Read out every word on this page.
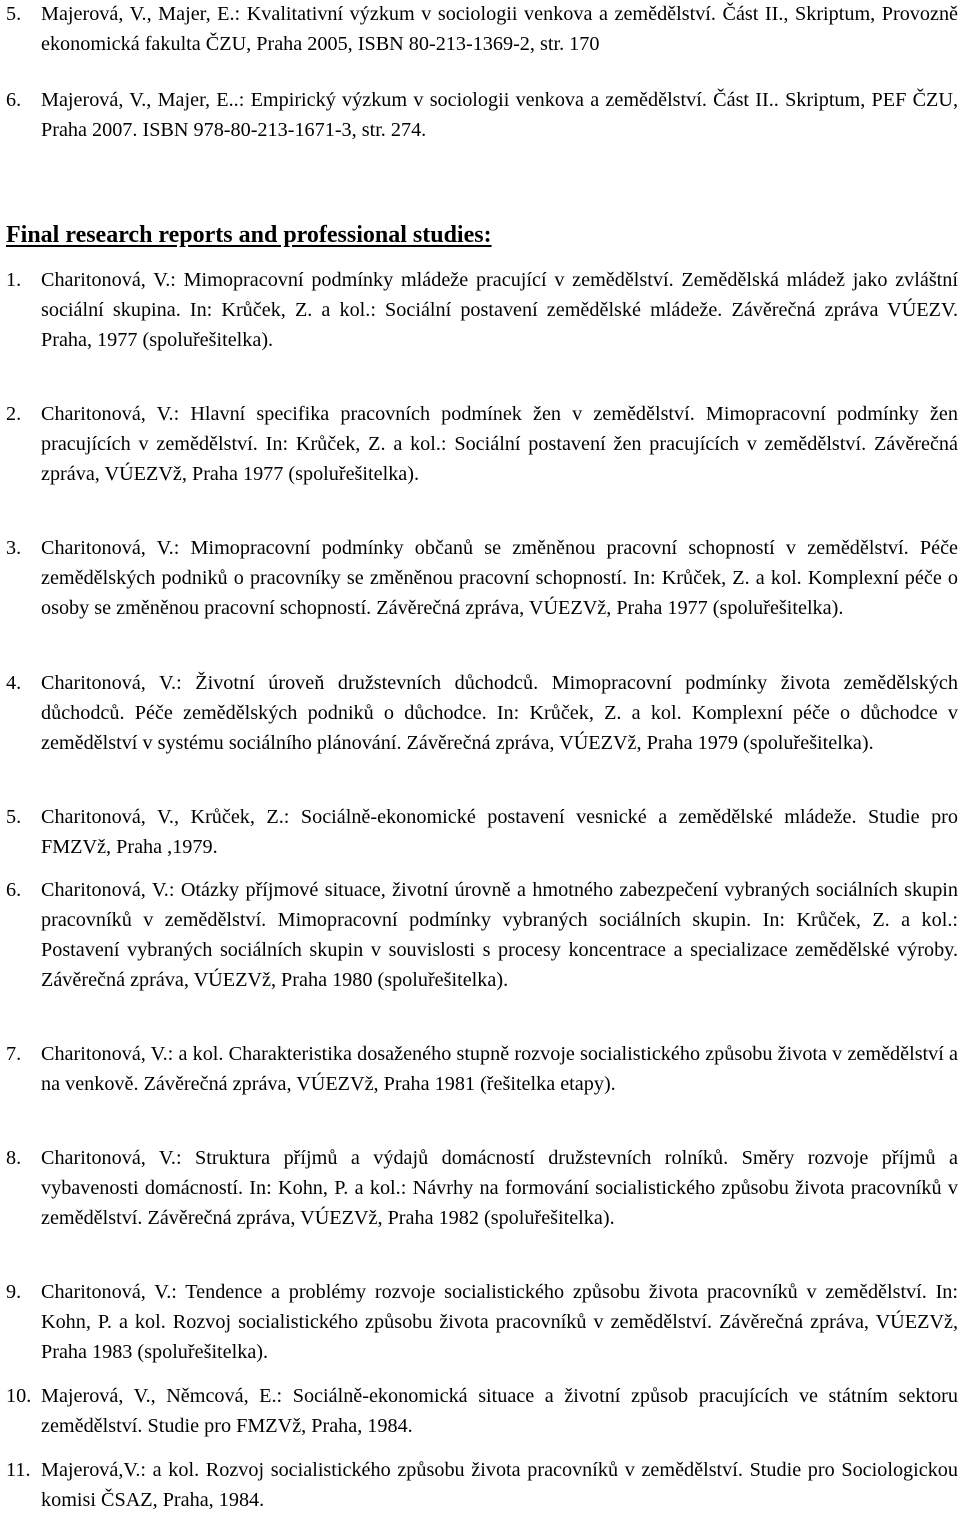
5. Majerová, V., Majer, E.: Kvalitativní výzkum v sociologii venkova a zemědělství. Část II., Skriptum, Provozně ekonomická fakulta ČZU, Praha 2005, ISBN 80-213-1369-2, str. 170
6. Majerová, V., Majer, E..: Empirický výzkum v sociologii venkova a zemědělství. Část II.. Skriptum, PEF ČZU, Praha 2007. ISBN 978-80-213-1671-3, str. 274.
Final research reports and professional studies:
1. Charitonová, V.: Mimopracovní podmínky mládeže pracující v zemědělství. Zemědělská mládež jako zvláštní sociální skupina. In: Krůček, Z. a kol.: Sociální postavení zemědělské mládeže. Závěrečná zpráva VÚEZV. Praha, 1977 (spoluřešitelka).
2. Charitonová, V.: Hlavní specifika pracovních podmínek žen v zemědělství. Mimopracovní podmínky žen pracujících v zemědělství. In: Krůček, Z. a kol.: Sociální postavení žen pracujících v zemědělství. Závěrečná zpráva, VÚEZVž, Praha 1977 (spoluřešitelka).
3. Charitonová, V.: Mimopracovní podmínky občanů se změněnou pracovní schopností v zemědělství. Péče zemědělských podniků o pracovníky se změněnou pracovní schopností. In: Krůček, Z. a kol. Komplexní péče o osoby se změněnou pracovní schopností. Závěrečná zpráva, VÚEZVž, Praha 1977 (spoluřešitelka).
4. Charitonová, V.: Životní úroveň družstevních důchodců. Mimopracovní podmínky života zemědělských důchodců. Péče zemědělských podniků o důchodce. In: Krůček, Z. a kol. Komplexní péče o důchodce v zemědělství v systému sociálního plánování. Závěrečná zpráva, VÚEZVž, Praha 1979 (spoluřešitelka).
5. Charitonová, V., Krůček, Z.: Sociálně-ekonomické postavení vesnické a zemědělské mládeže. Studie pro FMZVž, Praha ,1979.
6. Charitonová, V.: Otázky příjmové situace, životní úrovně a hmotného zabezpečení vybraných sociálních skupin pracovníků v zemědělství. Mimopracovní podmínky vybraných sociálních skupin. In: Krůček, Z. a kol.: Postavení vybraných sociálních skupin v souvislosti s procesy koncentrace a specializace zemědělské výroby. Závěrečná zpráva, VÚEZVž, Praha 1980 (spoluřešitelka).
7. Charitonová, V.: a kol. Charakteristika dosaženého stupně rozvoje socialistického způsobu života v zemědělství a na venkově. Závěrečná zpráva, VÚEZVž, Praha 1981 (řešitelka etapy).
8. Charitonová, V.: Struktura příjmů a výdajů domácností družstevních rolníků. Směry rozvoje příjmů a vybavenosti domácností. In: Kohn, P. a kol.: Návrhy na formování socialistického způsobu života pracovníků v zemědělství. Závěrečná zpráva, VÚEZVž, Praha 1982 (spoluřešitelka).
9. Charitonová, V.: Tendence a problémy rozvoje socialistického způsobu života pracovníků v zemědělství. In: Kohn, P. a kol. Rozvoj socialistického způsobu života pracovníků v zemědělství. Závěrečná zpráva, VÚEZVž, Praha 1983 (spoluřešitelka).
10. Majerová, V., Němcová, E.: Sociálně-ekonomická situace a životní způsob pracujících ve státním sektoru zemědělství. Studie pro FMZVž, Praha, 1984.
11. Majerová,V.: a kol. Rozvoj socialistického způsobu života pracovníků v zemědělství. Studie pro Sociologickou komisi ČSAZ, Praha, 1984.
